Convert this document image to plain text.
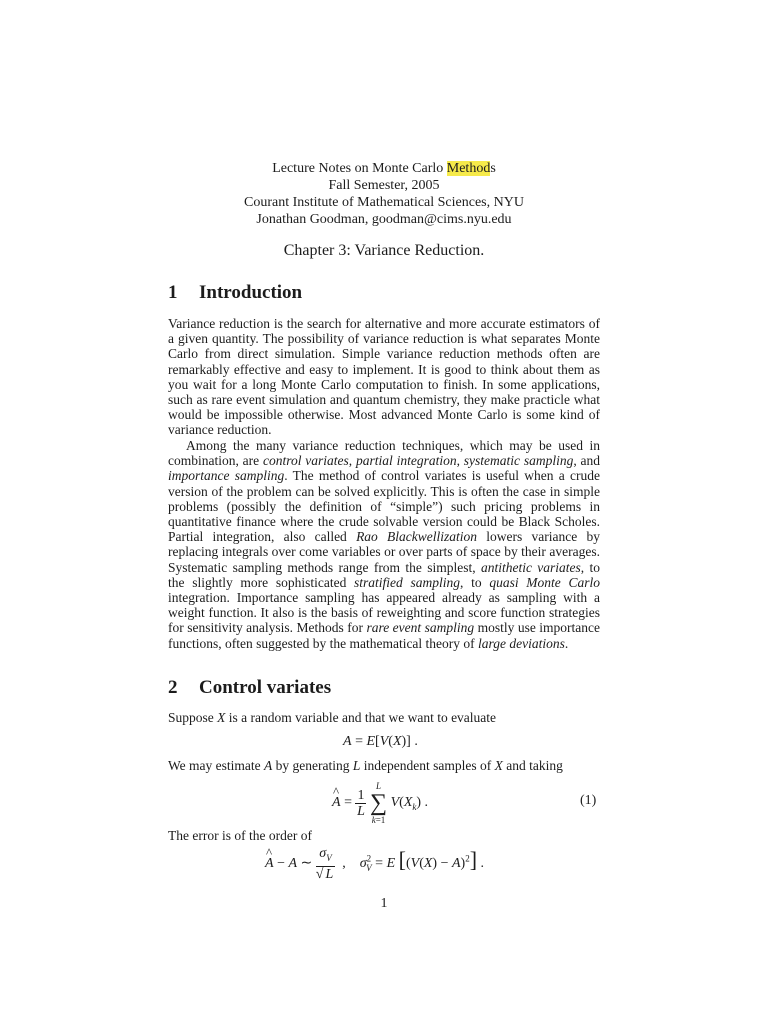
Lecture Notes on Monte Carlo Methods
Fall Semester, 2005
Courant Institute of Mathematical Sciences, NYU
Jonathan Goodman, goodman@cims.nyu.edu
Chapter 3: Variance Reduction.
1 Introduction

Variance reduction is the search for alternative and more accurate estimators of a given quantity. The possibility of variance reduction is what separates Monte Carlo from direct simulation. Simple variance reduction methods often are remarkably effective and easy to implement. It is good to think about them as you wait for a long Monte Carlo computation to finish. In some applications, such as rare event simulation and quantum chemistry, they make practicle what would be impossible otherwise. Most advanced Monte Carlo is some kind of variance reduction.

Among the many variance reduction techniques, which may be used in combination, are control variates, partial integration, systematic sampling, and importance sampling. The method of control variates is useful when a crude version of the problem can be solved explicitly. This is often the case in simple problems (possibly the definition of “simple”) such pricing problems in quantitative finance where the crude solvable version could be Black Scholes. Partial integration, also called Rao Blackwellization lowers variance by replacing integrals over come variables or over parts of space by their averages. Systematic sampling methods range from the simplest, antithetic variates, to the slightly more sophisticated stratified sampling, to quasi Monte Carlo integration. Importance sampling has appeared already as sampling with a weight function. It also is the basis of reweighting and score function strategies for sensitivity analysis. Methods for rare event sampling mostly use importance functions, often suggested by the mathematical theory of large deviations.

2 Control variates

Suppose X is a random variable and that we want to evaluate

A = E[V(X)] .

We may estimate A by generating L independent samples of X and taking

^ $A = \frac{1}{L}$

L
∑
k=1
$V(X_k)$ .	(1)

The error is of the order of

^ A − A ∼ $\frac{\sigma_V}{√ L}$ ,    $\sigma^2_V = E$ $[(V(X) - A)^2]$ .
1
